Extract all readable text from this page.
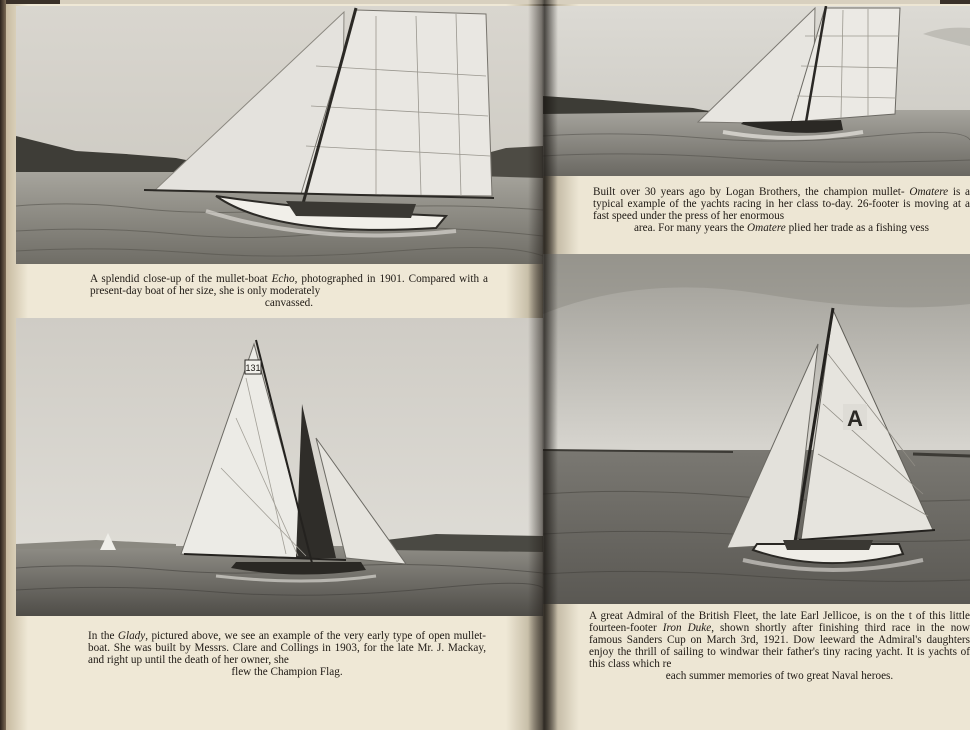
A splendid close-up of the mullet-boat Echo, photographed in 1901. Compared with a present-day boat of her size, she is only moderately

canvassed.

131

In the Glady, pictured above, we see an example of the very early type of open mullet-boat. She was built by Messrs. Clare and Collings in 1903, for the late Mr. J. Mackay, and right up until the death of her owner, she

flew the Champion Flag.

Built over 30 years ago by Logan Brothers, the champion mullet- Omatere is a typical example of the yachts racing in her class to-day. 26-footer is moving at a fast speed under the press of her enormous

area. For many years the Omatere plied her trade as a fishing vess

A

A great Admiral of the British Fleet, the late Earl Jellicoe, is on the t of this little fourteen-footer Iron Duke, shown shortly after finishing third race in the now famous Sanders Cup on March 3rd, 1921. Dow leeward the Admiral's daughters enjoy the thrill of sailing to windwar their father's tiny racing yacht. It is yachts of this class which re

each summer memories of two great Naval heroes.
